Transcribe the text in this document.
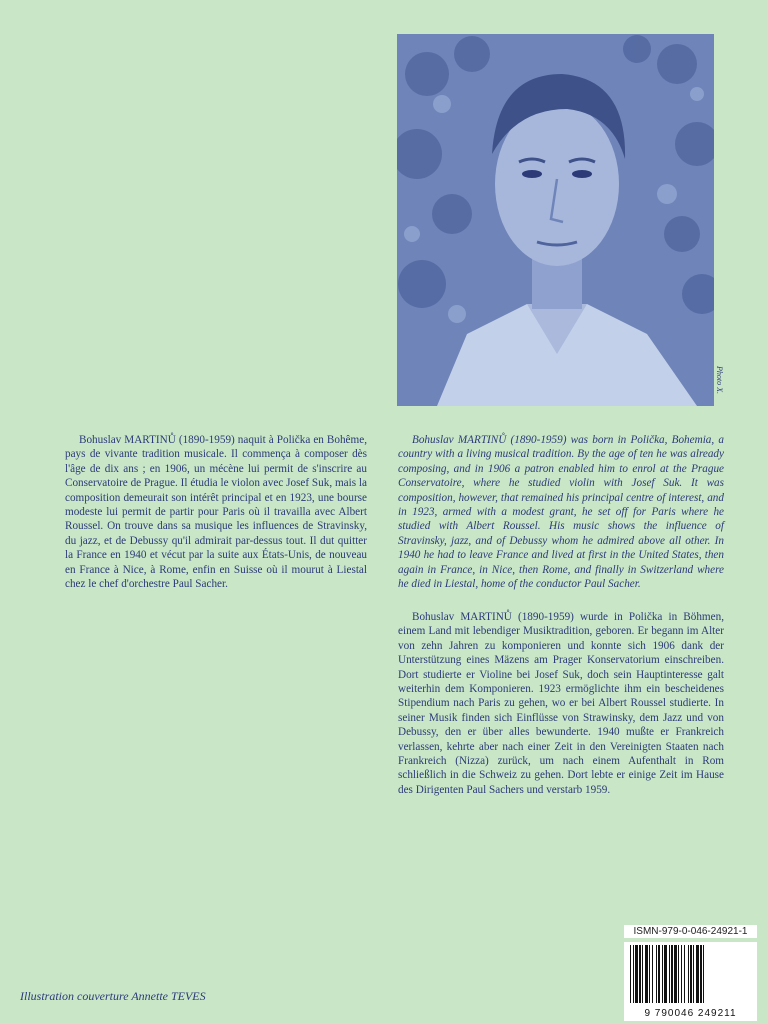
Photo X.

Bohuslav MARTINŮ (1890-1959) naquit à Polička en Bohême, pays de vivante tradition musicale. Il commença à composer dès l'âge de dix ans ; en 1906, un mécène lui permit de s'inscrire au Conservatoire de Prague. Il étudia le violon avec Josef Suk, mais la composition demeurait son intérêt principal et en 1923, une bourse modeste lui permit de partir pour Paris où il travailla avec Albert Roussel. On trouve dans sa musique les influences de Stravinsky, du jazz, et de Debussy qu'il admirait par-dessus tout. Il dut quitter la France en 1940 et vécut par la suite aux États-Unis, de nouveau en France à Nice, à Rome, enfin en Suisse où il mourut à Liestal chez le chef d'orchestre Paul Sacher.

Bohuslav MARTINŮ (1890-1959) was born in Polička, Bohemia, a country with a living musical tradition. By the age of ten he was already composing, and in 1906 a patron enabled him to enrol at the Prague Conservatoire, where he studied violin with Josef Suk. It was composition, however, that remained his principal centre of interest, and in 1923, armed with a modest grant, he set off for Paris where he studied with Albert Roussel. His music shows the influence of Stravinsky, jazz, and of Debussy whom he admired above all other. In 1940 he had to leave France and lived at first in the United States, then again in France, in Nice, then Rome, and finally in Switzerland where he died in Liestal, home of the conductor Paul Sacher.

Bohuslav MARTINŮ (1890-1959) wurde in Polička in Böhmen, einem Land mit lebendiger Musiktradition, geboren. Er begann im Alter von zehn Jahren zu komponieren und konnte sich 1906 dank der Unterstützung eines Mäzens am Prager Konservatorium einschreiben. Dort studierte er Violine bei Josef Suk, doch sein Hauptinteresse galt weiterhin dem Komponieren. 1923 ermöglichte ihm ein bescheidenes Stipendium nach Paris zu gehen, wo er bei Albert Roussel studierte. In seiner Musik finden sich Einflüsse von Strawinsky, dem Jazz und von Debussy, den er über alles bewunderte. 1940 mußte er Frankreich verlassen, kehrte aber nach einer Zeit in den Vereinigten Staaten nach Frankreich (Nizza) zurück, um nach einem Aufenthalt in Rom schließlich in die Schweiz zu gehen. Dort lebte er einige Zeit im Hause des Dirigenten Paul Sachers und verstarb 1959.

Illustration couverture Annette TEVES
ISMN-979-0-046-24921-1
9 790046 249211
